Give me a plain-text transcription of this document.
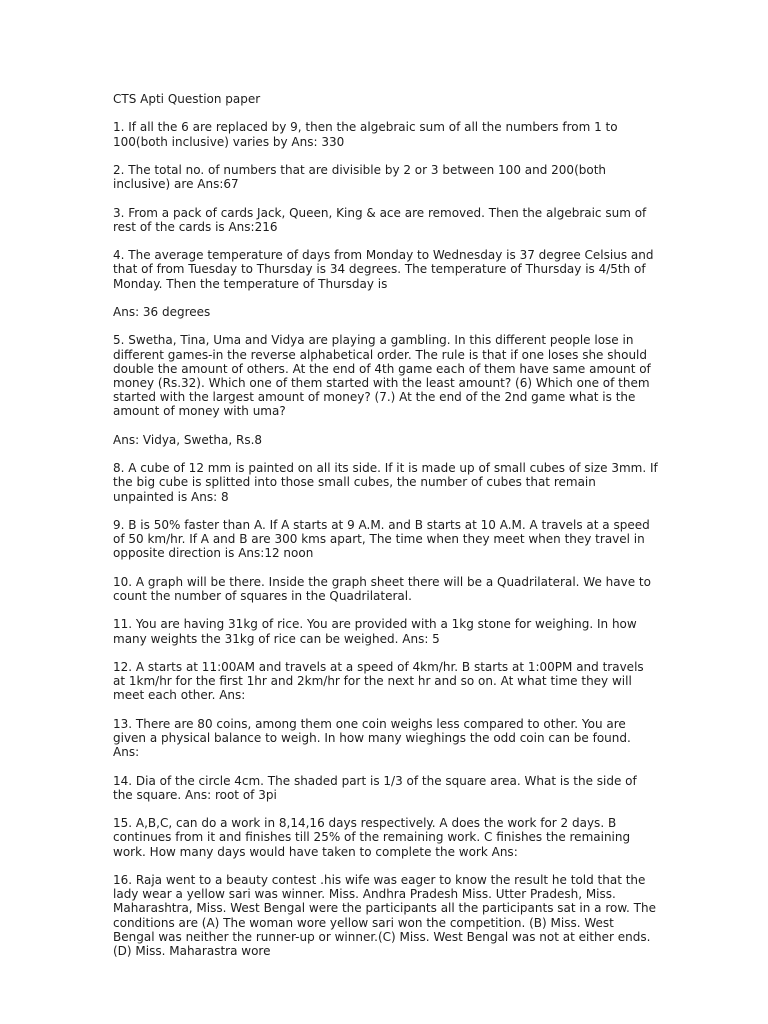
CTS Apti Question paper

1. If all the 6 are replaced by 9, then the algebraic sum of all the numbers from 1 to 100(both inclusive) varies by Ans: 330

2. The total no. of numbers that are divisible by 2 or 3 between 100 and 200(both inclusive) are Ans:67

3. From a pack of cards Jack, Queen, King & ace are removed. Then the algebraic sum of rest of the cards is Ans:216

4. The average temperature of days from Monday to Wednesday is 37 degree Celsius and that of from Tuesday to Thursday is 34 degrees. The temperature of Thursday is 4/5th of Monday. Then the temperature of Thursday is

Ans: 36 degrees

5. Swetha, Tina, Uma and Vidya are playing a gambling. In this different people lose in different games-in the reverse alphabetical order. The rule is that if one loses she should double the amount of others. At the end of 4th game each of them have same amount of money (Rs.32). Which one of them started with the least amount? (6) Which one of them started with the largest amount of money? (7.) At the end of the 2nd game what is the amount of money with uma?

Ans: Vidya, Swetha, Rs.8

8. A cube of 12 mm is painted on all its side. If it is made up of small cubes of size 3mm. If the big cube is splitted into those small cubes, the number of cubes that remain unpainted is Ans: 8

9. B is 50% faster than A. If A starts at 9 A.M. and B starts at 10 A.M. A travels at a speed of 50 km/hr. If A and B are 300 kms apart, The time when they meet when they travel in opposite direction is Ans:12 noon

10. A graph will be there. Inside the graph sheet there will be a Quadrilateral. We have to count the number of squares in the Quadrilateral.

11. You are having 31kg of rice. You are provided with a 1kg stone for weighing. In how many weights the 31kg of rice can be weighed. Ans: 5

12. A starts at 11:00AM and travels at a speed of 4km/hr. B starts at 1:00PM and travels at 1km/hr for the first 1hr and 2km/hr for the next hr and so on. At what time they will meet each other. Ans:

13. There are 80 coins, among them one coin weighs less compared to other. You are given a physical balance to weigh. In how many wieghings the odd coin can be found. Ans:

14. Dia of the circle 4cm. The shaded part is 1/3 of the square area. What is the side of the square. Ans: root of 3pi

15. A,B,C, can do a work in 8,14,16 days respectively. A does the work for 2 days. B continues from it and finishes till 25% of the remaining work. C finishes the remaining work. How many days would have taken to complete the work Ans:

16. Raja went to a beauty contest .his wife was eager to know the result he told that the lady wear a yellow sari was winner. Miss. Andhra Pradesh Miss. Utter Pradesh, Miss. Maharashtra, Miss. West Bengal were the participants all the participants sat in a row. The conditions are (A) The woman wore yellow sari won the competition. (B) Miss. West Bengal was neither the runner-up or winner.(C) Miss. West Bengal was not at either ends.(D) Miss. Maharastra wore
